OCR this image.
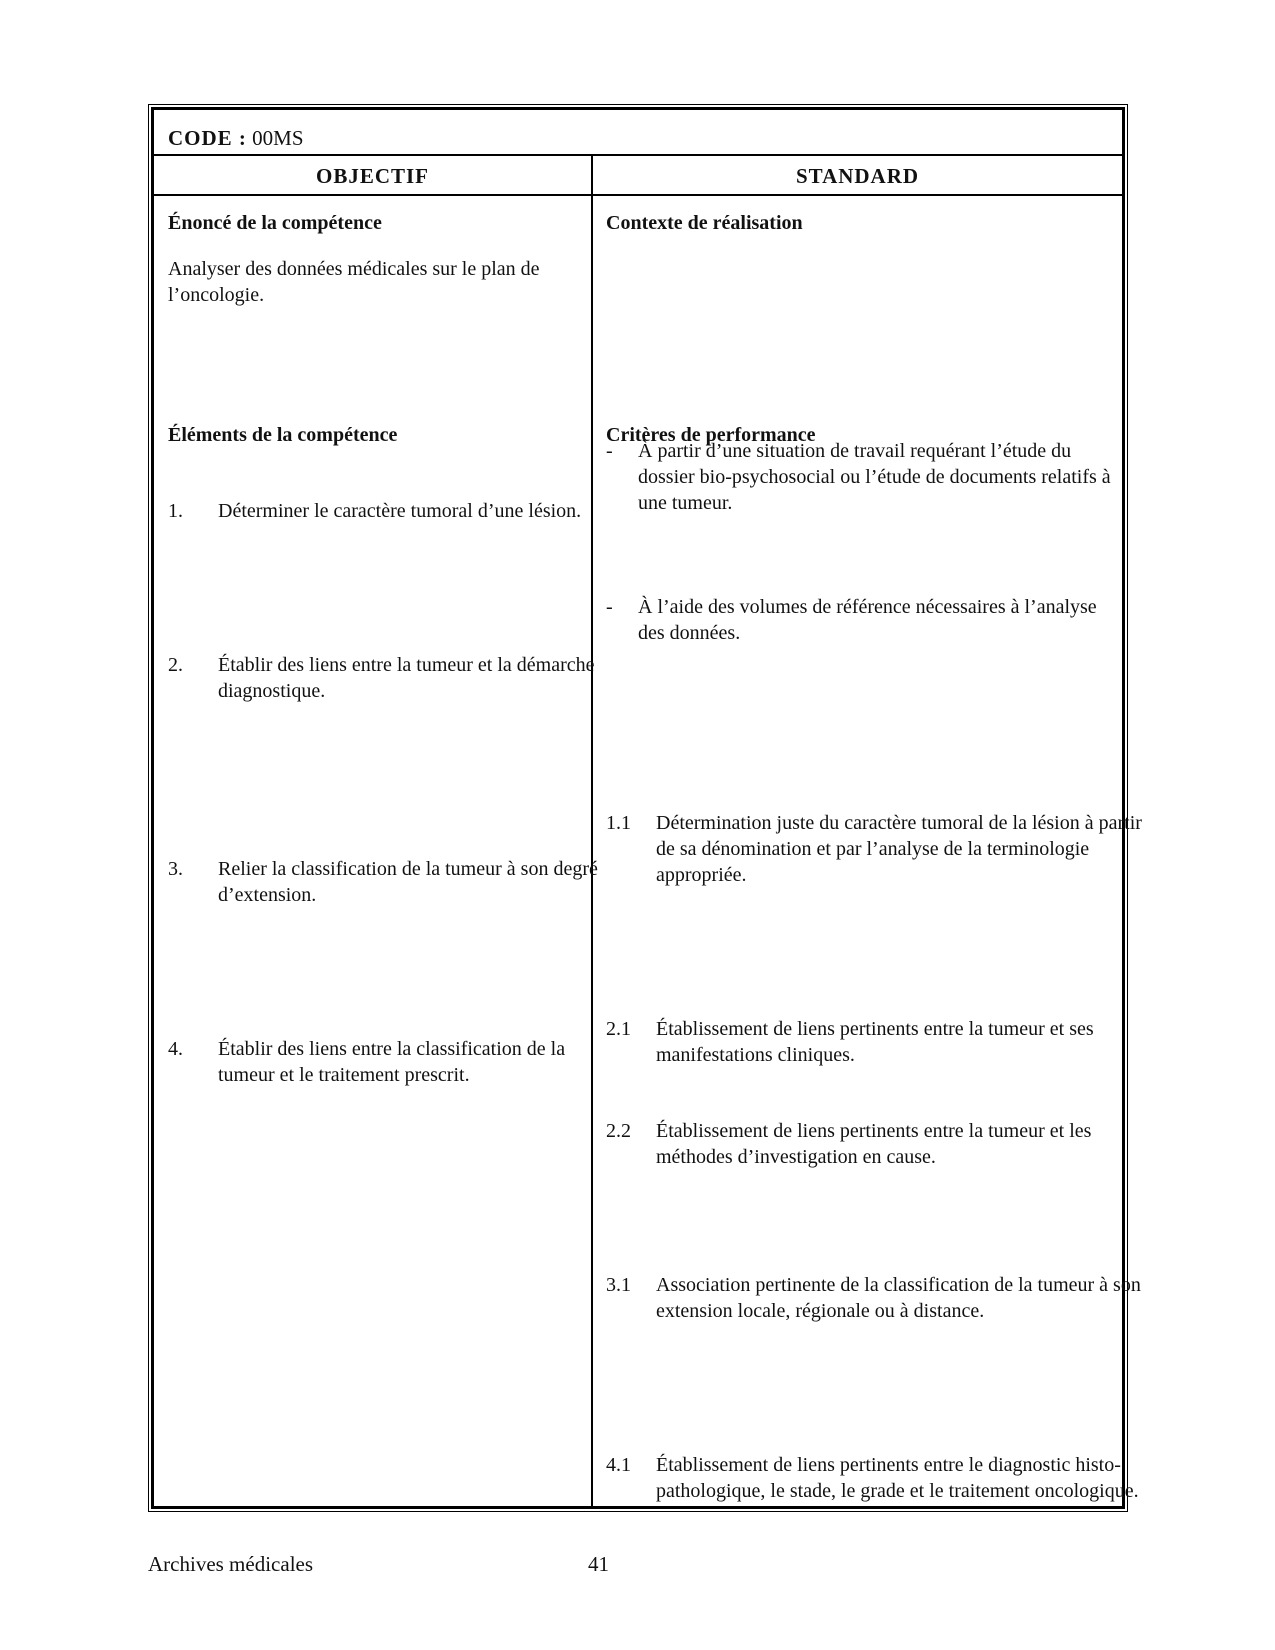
CODE : 00MS
OBJECTIF	STANDARD
Énoncé de la compétence
Analyser des données médicales sur le plan de l’oncologie.
Éléments de la compétence
1. Déterminer le caractère tumoral d’une lésion.
2. Établir des liens entre la tumeur et la démarche diagnostique.
3. Relier la classification de la tumeur à son degré d’extension.
4. Établir des liens entre la classification de la tumeur et le traitement prescrit.
Contexte de réalisation
- À partir d’une situation de travail requérant l’étude du dossier bio-psychosocial ou l’étude de documents relatifs à une tumeur.
- À l’aide des volumes de référence nécessaires à l’analyse des données.
Critères de performance
1.1 Détermination juste du caractère tumoral de la lésion à partir de sa dénomination et par l’analyse de la terminologie appropriée.
2.1 Établissement de liens pertinents entre la tumeur et ses manifestations cliniques.
2.2 Établissement de liens pertinents entre la tumeur et les méthodes d’investigation en cause.
3.1 Association pertinente de la classification de la tumeur à son extension locale, régionale ou à distance.
4.1 Établissement de liens pertinents entre le diagnostic histo-pathologique, le stade, le grade et le traitement oncologique.
Archives médicales	41
